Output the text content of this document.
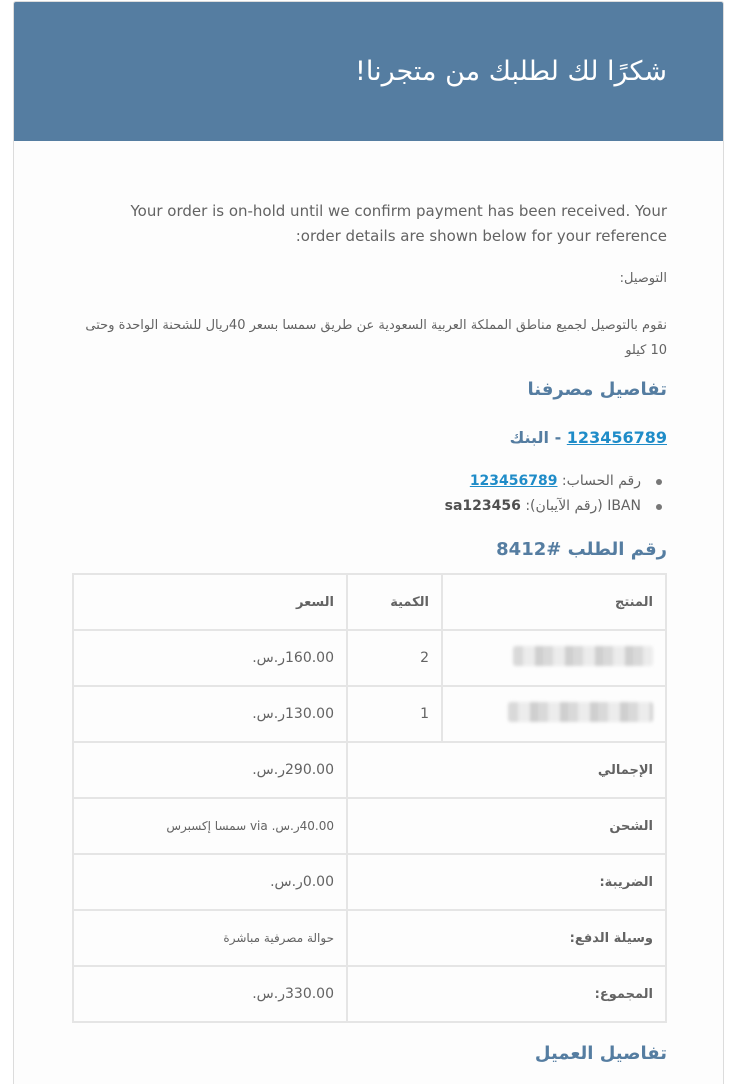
شكرًا لك لطلبك من متجرنا!

Your order is on-hold until we confirm payment has been received. Your order details are shown below for your reference:

التوصيل:

نقوم بالتوصيل لجميع مناطق المملكة العربية السعودية عن طريق سمسا بسعر 40ريال للشحنة الواحدة وحتى 10 كيلو

تفاصيل مصرفنا
123456789 - البنك
رقم الحساب: 123456789
IBAN (رقم الآيبان): sa123456
رقم الطلب #8412
المنتج	الكمية	السعر
	2	160.00ر.س.
	1	130.00ر.س.
الإجمالي		290.00ر.س.
الشحن		40.00ر.س. via سمسا إكسبرس
الضريبة:		0.00ر.س.
وسيلة الدفع:		حوالة مصرفية مباشرة
المجموع:		330.00ر.س.
تفاصيل العميل
